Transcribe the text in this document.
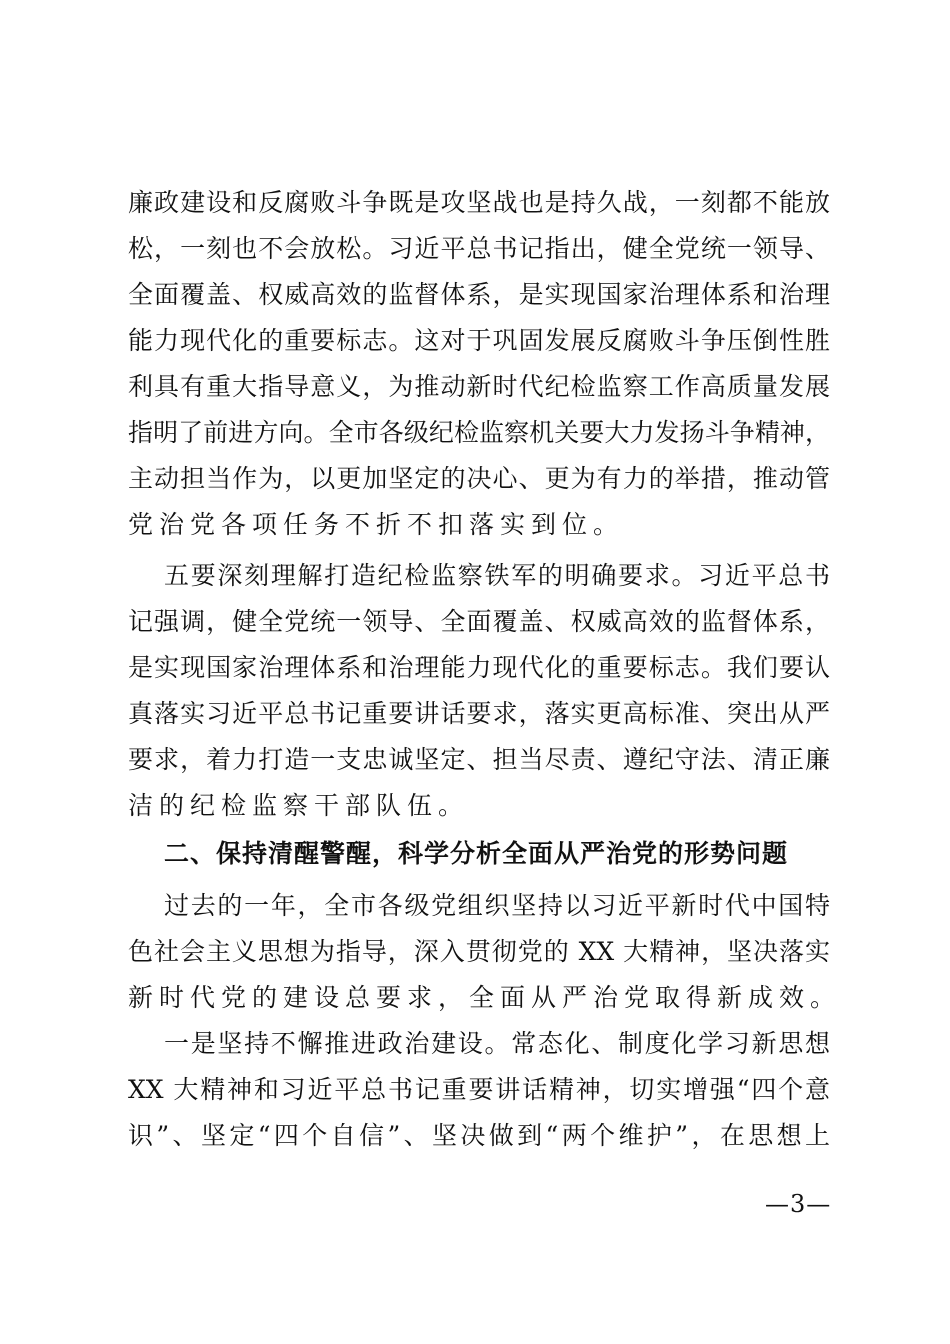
廉政建设和反腐败斗争既是攻坚战也是持久战，一刻都不能放
松，一刻也不会放松。习近平总书记指出，健全党统一领导、
全面覆盖、权威高效的监督体系，是实现国家治理体系和治理
能力现代化的重要标志。这对于巩固发展反腐败斗争压倒性胜
利具有重大指导意义，为推动新时代纪检监察工作高质量发展
指明了前进方向。全市各级纪检监察机关要大力发扬斗争精神，
主动担当作为，以更加坚定的决心、更为有力的举措，推动管
党治党各项任务不折不扣落实到位。
五要深刻理解打造纪检监察铁军的明确要求。习近平总书
记强调，健全党统一领导、全面覆盖、权威高效的监督体系，
是实现国家治理体系和治理能力现代化的重要标志。我们要认
真落实习近平总书记重要讲话要求，落实更高标准、突出从严
要求，着力打造一支忠诚坚定、担当尽责、遵纪守法、清正廉
洁的纪检监察干部队伍。
二、保持清醒警醒，科学分析全面从严治党的形势问题
过去的一年，全市各级党组织坚持以习近平新时代中国特
色社会主义思想为指导，深入贯彻党的 XX 大精神，坚决落实
新时代党的建设总要求，全面从严治党取得新成效。
一是坚持不懈推进政治建设。常态化、制度化学习新思想
XX 大精神和习近平总书记重要讲话精神，切实增强“四个意
识”、坚定“四个自信”、坚决做到“两个维护”，在思想上
—3—
